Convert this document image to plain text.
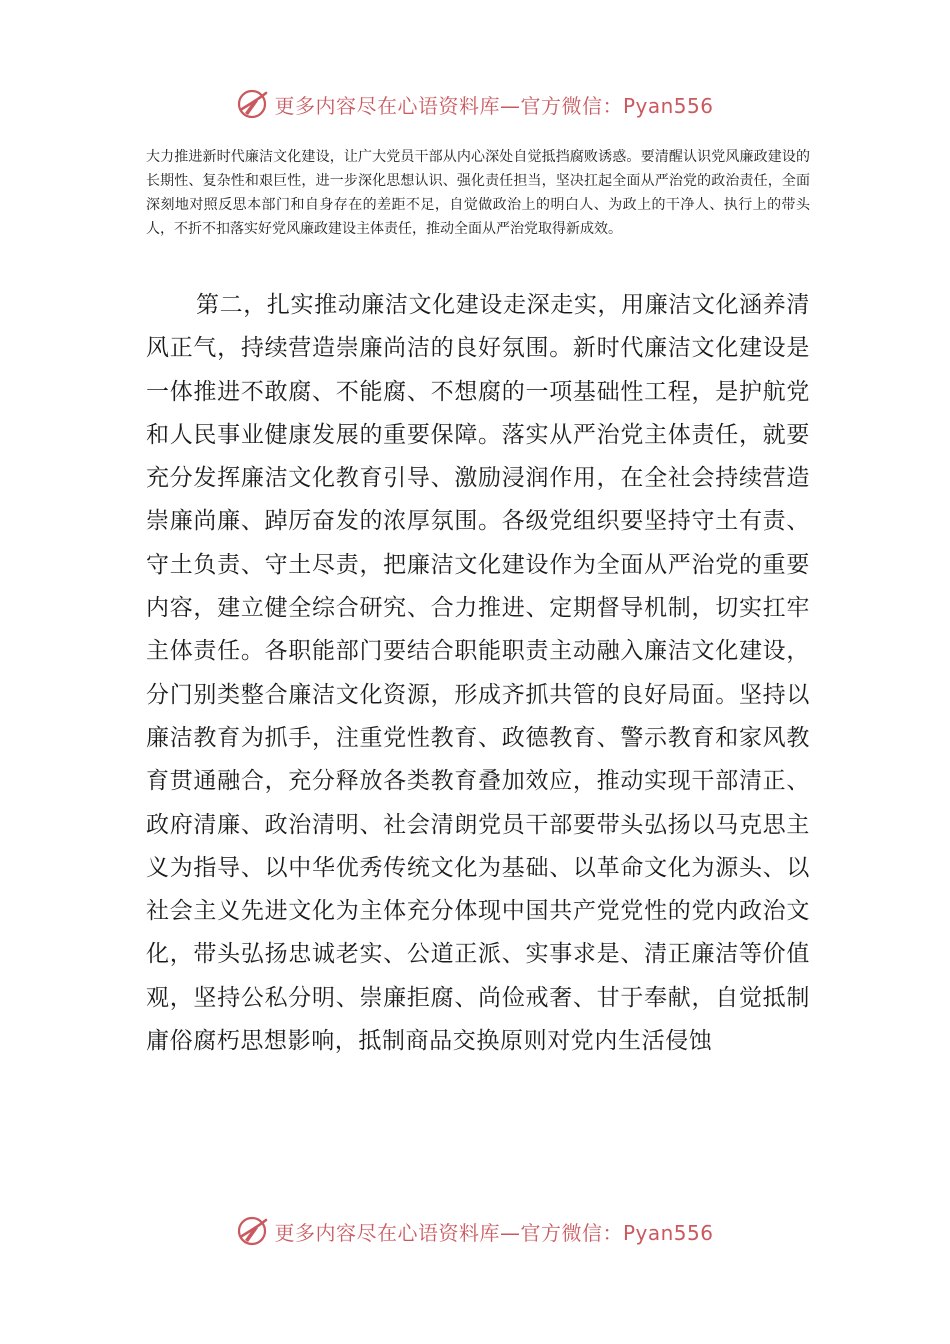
更多内容尽在心语资料库—官方微信：Pyan556

大力推进新时代廉洁文化建设，让广大党员干部从内心深处自觉抵挡腐败诱惑。要清醒认识党风廉政建设的长期性、复杂性和艰巨性，进一步深化思想认识、强化责任担当，坚决扛起全面从严治党的政治责任，全面深刻地对照反思本部门和自身存在的差距不足，自觉做政治上的明白人、为政上的干净人、执行上的带头人，不折不扣落实好党风廉政建设主体责任，推动全面从严治党取得新成效。

第二，扎实推动廉洁文化建设走深走实，用廉洁文化涵养清风正气，持续营造崇廉尚洁的良好氛围。新时代廉洁文化建设是一体推进不敢腐、不能腐、不想腐的一项基础性工程，是护航党和人民事业健康发展的重要保障。落实从严治党主体责任，就要充分发挥廉洁文化教育引导、激励浸润作用，在全社会持续营造崇廉尚廉、踔厉奋发的浓厚氛围。各级党组织要坚持守土有责、守土负责、守土尽责，把廉洁文化建设作为全面从严治党的重要内容，建立健全综合研究、合力推进、定期督导机制，切实扛牢主体责任。各职能部门要结合职能职责主动融入廉洁文化建设，分门别类整合廉洁文化资源，形成齐抓共管的良好局面。坚持以廉洁教育为抓手，注重党性教育、政德教育、警示教育和家风教育贯通融合，充分释放各类教育叠加效应，推动实现干部清正、政府清廉、政治清明、社会清朗党员干部要带头弘扬以马克思主义为指导、以中华优秀传统文化为基础、以革命文化为源头、以社会主义先进文化为主体充分体现中国共产党党性的党内政治文化，带头弘扬忠诚老实、公道正派、实事求是、清正廉洁等价值观，坚持公私分明、崇廉拒腐、尚俭戒奢、甘于奉献，自觉抵制庸俗腐朽思想影响，抵制商品交换原则对党内生活侵蚀

更多内容尽在心语资料库—官方微信：Pyan556
